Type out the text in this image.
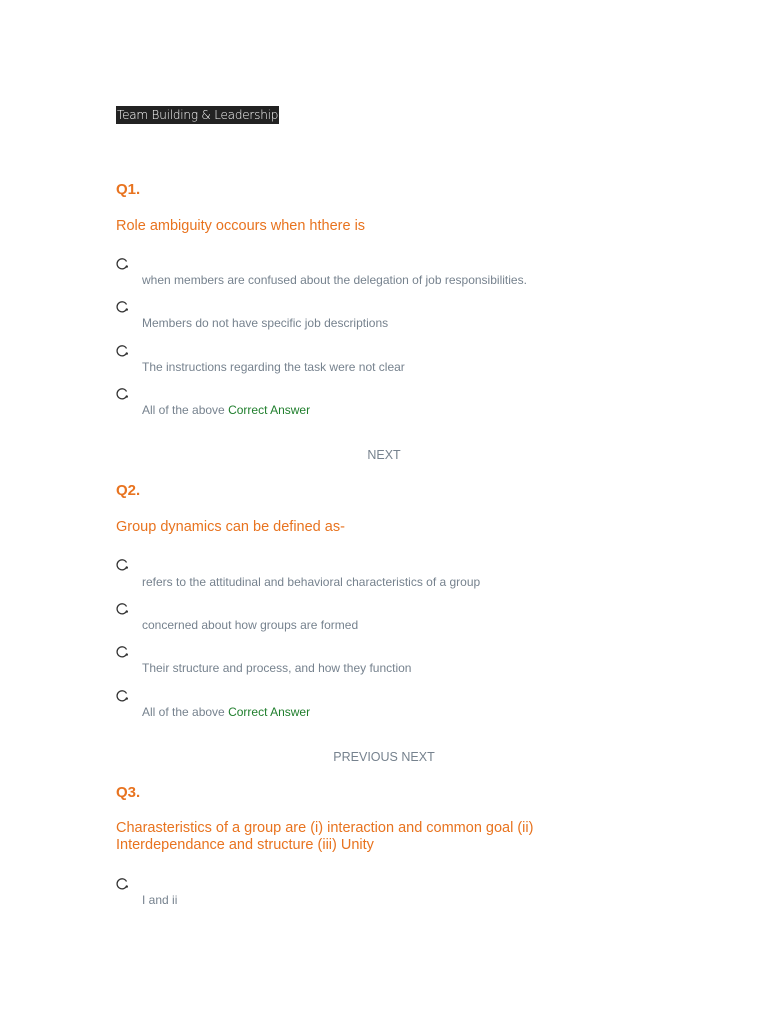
Team Building & Leadership
Q1.
Role ambiguity occours when hthere is
when members are confused about the delegation of job responsibilities.
Members do not have specific job descriptions
The instructions regarding the task were not clear
All of the above Correct Answer
NEXT
Q2.
Group dynamics can be defined as-
refers to the attitudinal and behavioral characteristics of a group
concerned about how groups are formed
Their structure and process, and how they function
All of the above Correct Answer
PREVIOUS NEXT
Q3.
Charasteristics of a group are (i) interaction and common goal (ii)
Interdependance and structure (iii) Unity
I and ii
